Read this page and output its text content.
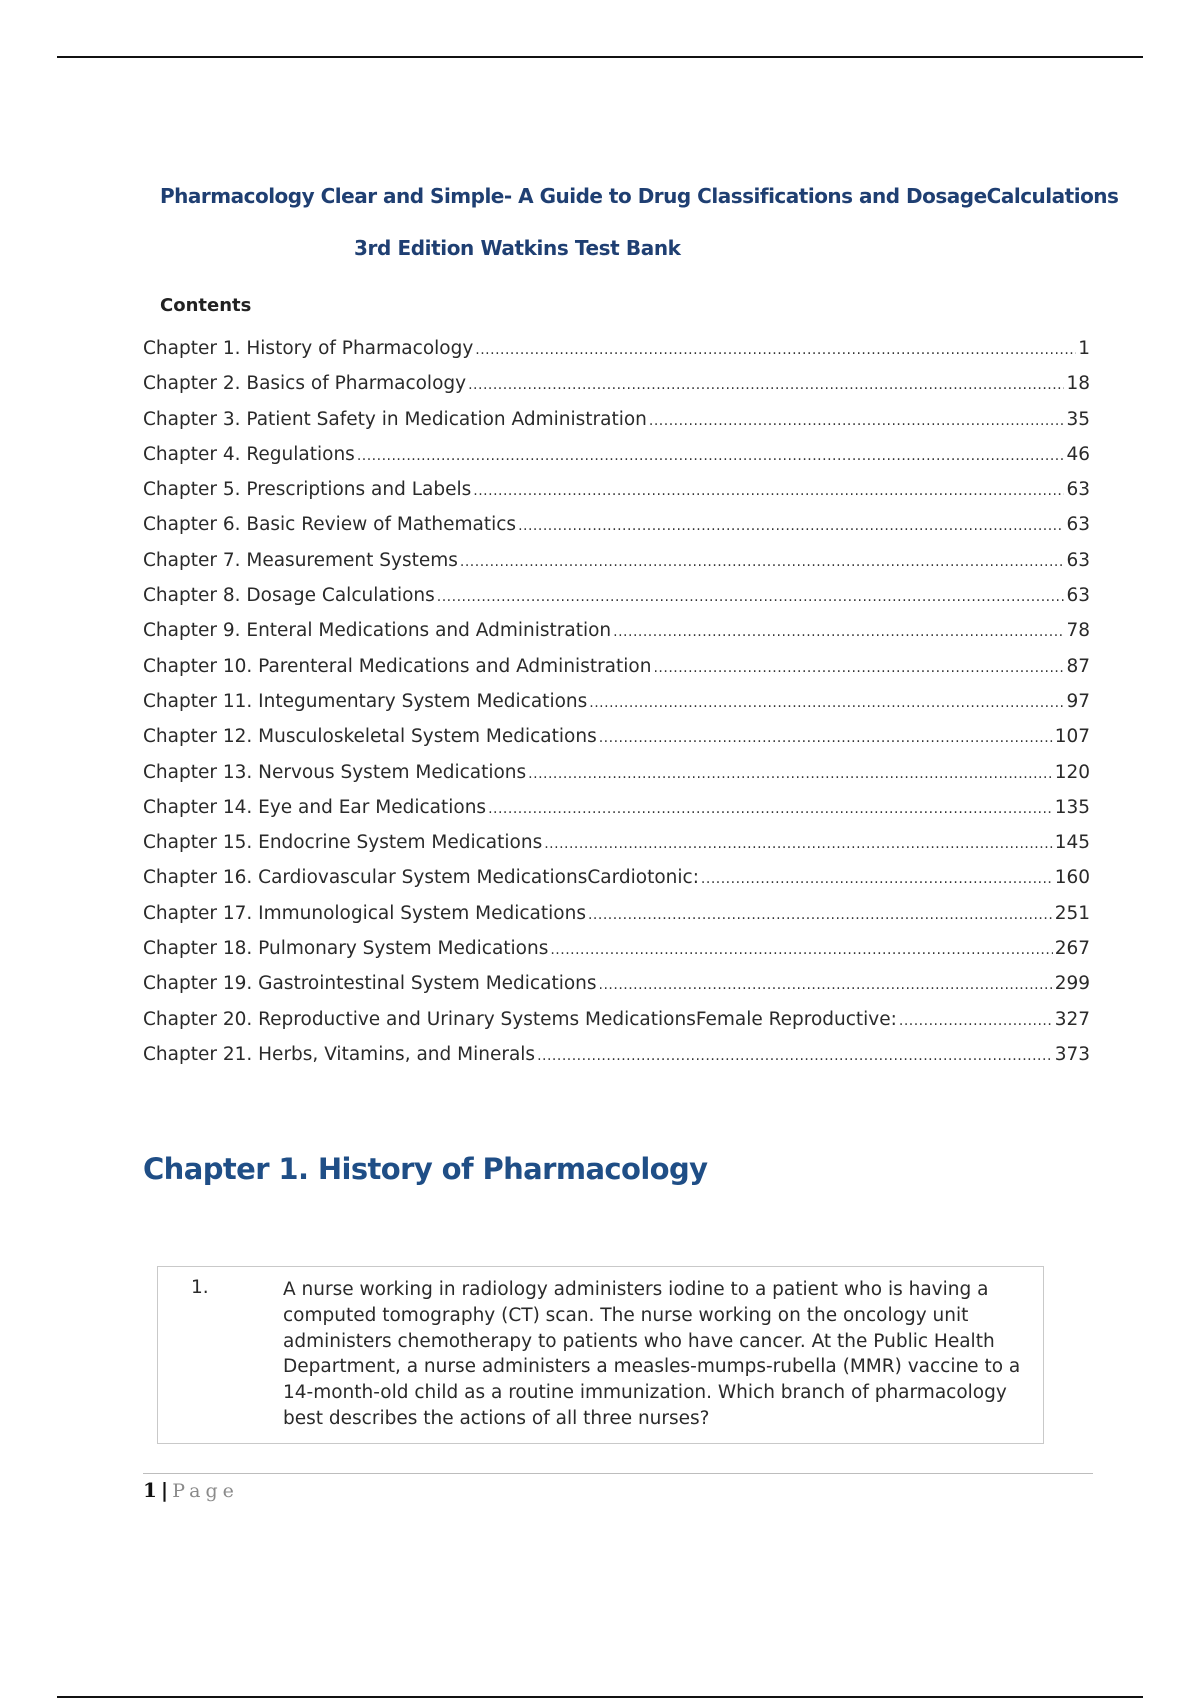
Pharmacology Clear and Simple- A Guide to Drug Classifications and DosageCalculations
3rd Edition Watkins Test Bank
Contents
Chapter 1. History of Pharmacology .....	1
Chapter 2. Basics of Pharmacology .....	18
Chapter 3. Patient Safety in Medication Administration .....	35
Chapter 4. Regulations .....	46
Chapter 5. Prescriptions and Labels .....	63
Chapter 6. Basic Review of Mathematics .....	63
Chapter 7. Measurement Systems .....	63
Chapter 8. Dosage Calculations .....	63
Chapter 9. Enteral Medications and Administration .....	78
Chapter 10. Parenteral Medications and Administration .....	87
Chapter 11. Integumentary System Medications .....	97
Chapter 12. Musculoskeletal System Medications .....	107
Chapter 13. Nervous System Medications .....	120
Chapter 14. Eye and Ear Medications .....	135
Chapter 15. Endocrine System Medications .....	145
Chapter 16. Cardiovascular System MedicationsCardiotonic: .....	160
Chapter 17. Immunological System Medications .....	251
Chapter 18. Pulmonary System Medications .....	267
Chapter 19. Gastrointestinal System Medications .....	299
Chapter 20. Reproductive and Urinary Systems MedicationsFemale Reproductive: .....	327
Chapter 21. Herbs, Vitamins, and Minerals .....	373
Chapter 1. History of Pharmacology
1.	A nurse working in radiology administers iodine to a patient who is having a computed tomography (CT) scan. The nurse working on the oncology unit administers chemotherapy to patients who have cancer. At the Public Health Department, a nurse administers a measles-mumps-rubella (MMR) vaccine to a 14-month-old child as a routine immunization. Which branch of pharmacology best describes the actions of all three nurses?
1 | Page
